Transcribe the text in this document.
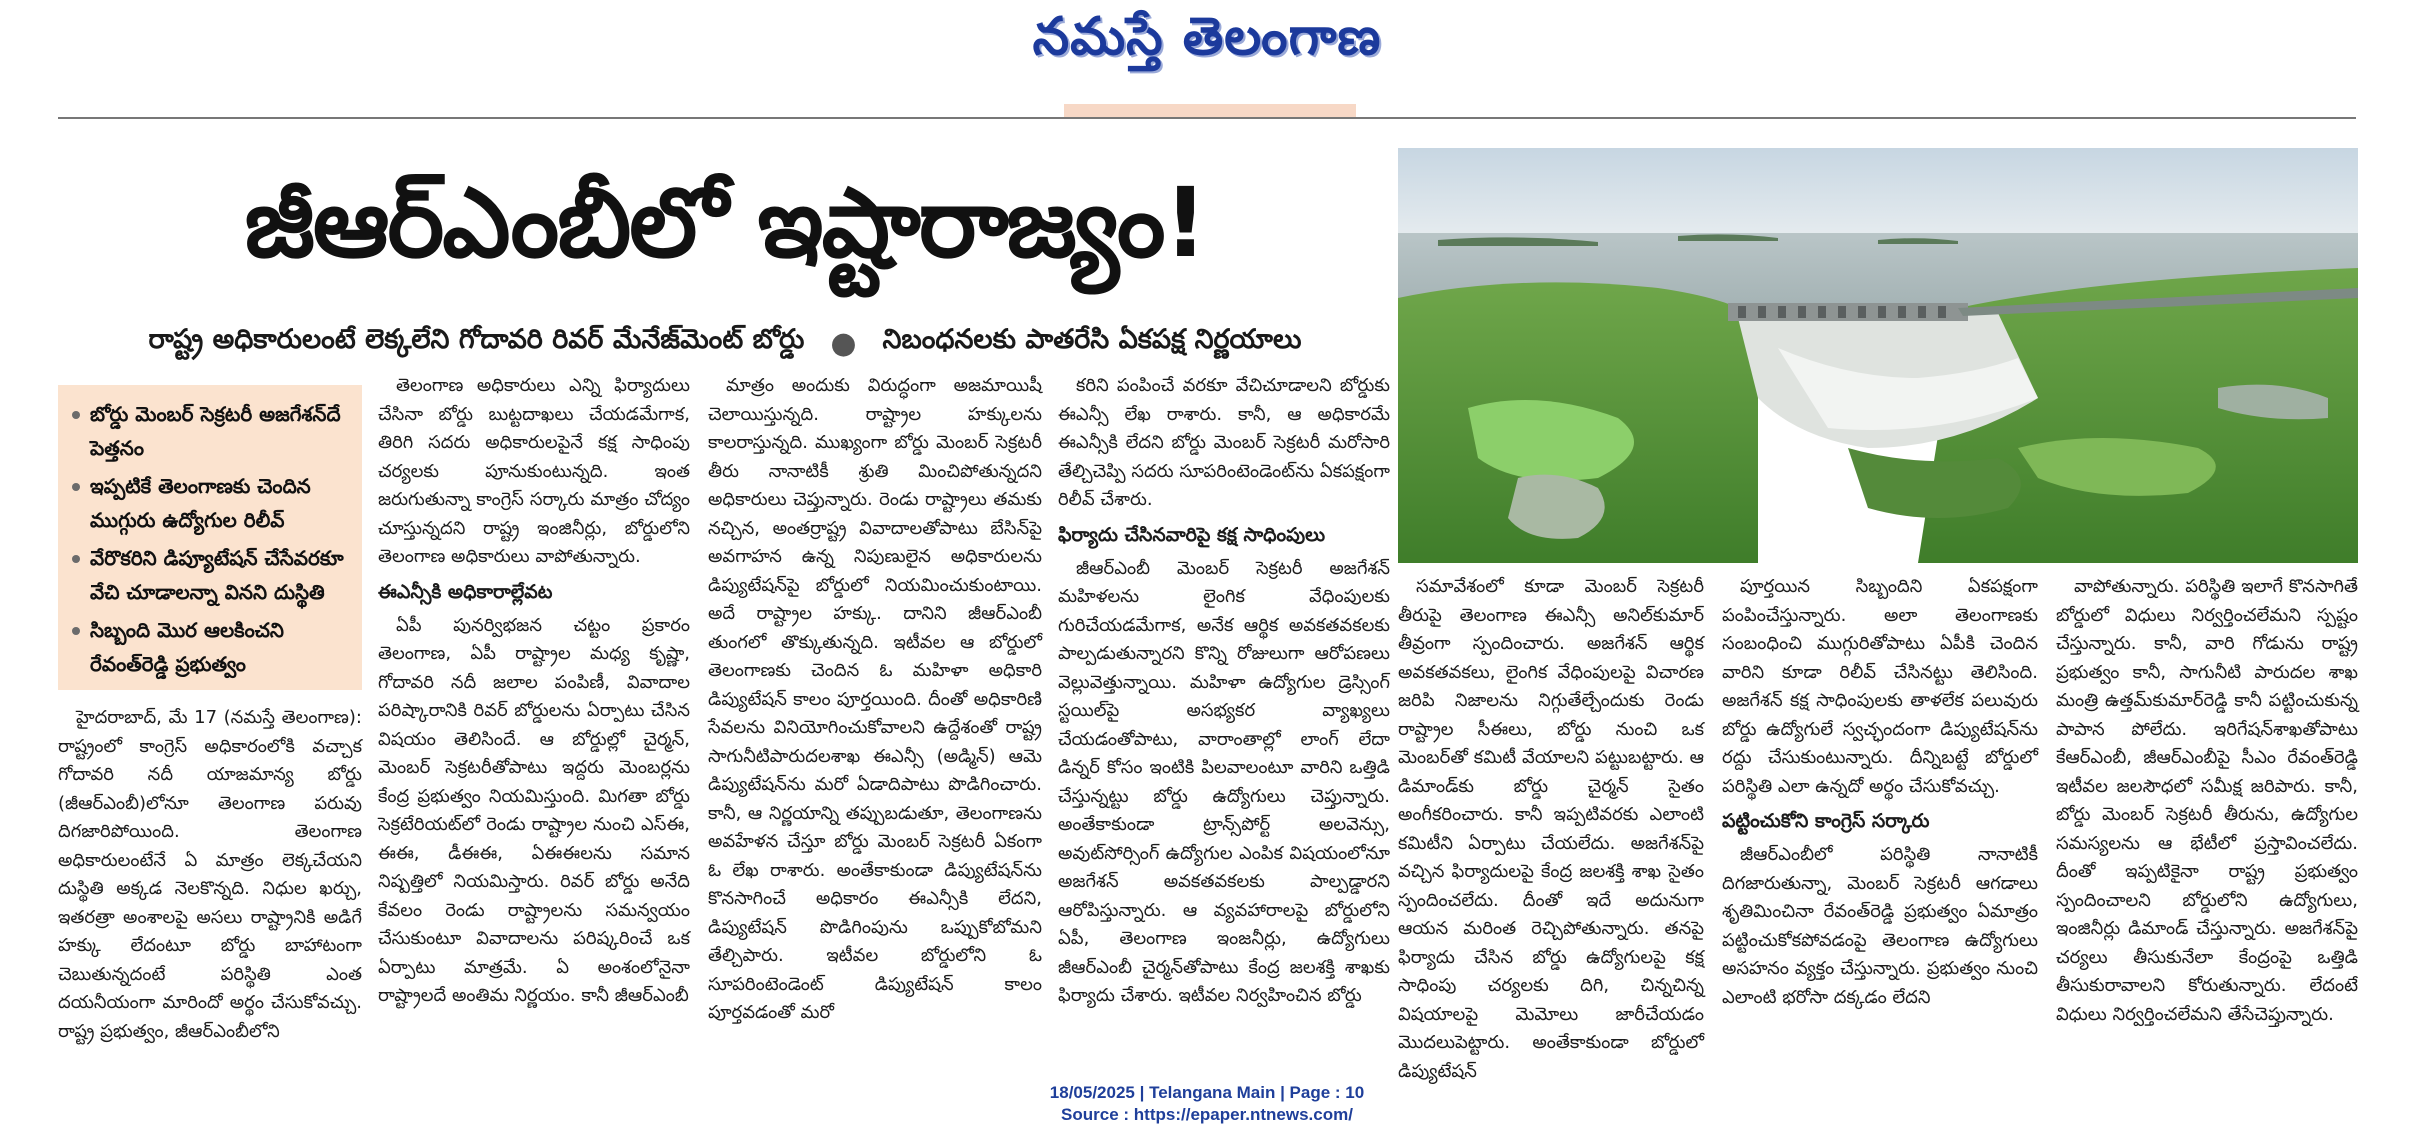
నమస్తే తెలంగాణ
జీఆర్ఎంబీలో ఇష్టారాజ్యం!
రాష్ట్ర అధికారులంటే లెక్కలేని గోదావరి రివర్ మేనేజ్‌మెంట్ బోర్డు ● నిబంధనలకు పాతరేసి ఏకపక్ష నిర్ణయాలు
బోర్డు మెంబర్ సెక్రటరీ అజగేశన్‌దే పెత్తనం
ఇప్పటికే తెలంగాణకు చెందిన ముగ్గురు ఉద్యోగుల రిలీవ్
వేరొకరిని డిప్యూటేషన్ చేసేవరకూ వేచి చూడాలన్నా వినని దుస్థితి
సిబ్బంది మొర ఆలకించని రేవంత్‌రెడ్డి ప్రభుత్వం

హైదరాబాద్, మే 17 (నమస్తే తెలంగాణ): రాష్ట్రంలో కాంగ్రెస్ అధికారంలోకి వచ్చాక గోదావరి నదీ యాజమాన్య బోర్డు (జీఆర్ఎంబీ)లోనూ తెలంగాణ పరువు దిగజారిపోయింది. తెలంగాణ అధికారులంటేనే ఏ మాత్రం లెక్కచేయని దుస్థితి అక్కడ నెలకొన్నది. నిధుల ఖర్చు, ఇతరత్రా అంశాలపై అసలు రాష్ట్రానికి అడిగే హక్కు లేదంటూ బోర్డు బాహాటంగా చెబుతున్నదంటే పరిస్థితి ఎంత దయనీయంగా మారిందో అర్థం చేసుకోవచ్చు. రాష్ట్ర ప్రభుత్వం, జీఆర్ఎంబీలోని

తెలంగాణ అధికారులు ఎన్ని ఫిర్యాదులు చేసినా బోర్డు బుట్టదాఖలు చేయడమేగాక, తిరిగి సదరు అధికారులపైనే కక్ష సాధింపు చర్యలకు పూనుకుంటున్నది. ఇంత జరుగుతున్నా కాంగ్రెస్ సర్కారు మాత్రం చోద్యం చూస్తున్నదని రాష్ట్ర ఇంజినీర్లు, బోర్డులోని తెలంగాణ అధికారులు వాపోతున్నారు.

ఈఎన్సీకి అధికారాల్లేవట

ఏపీ పునర్విభజన చట్టం ప్రకారం తెలంగాణ, ఏపీ రాష్ట్రాల మధ్య కృష్ణా, గోదావరి నదీ జలాల పంపిణీ, వివాదాల పరిష్కారానికి రివర్ బోర్డులను ఏర్పాటు చేసిన విషయం తెలిసిందే. ఆ బోర్డుల్లో చైర్మన్, మెంబర్ సెక్రటరీతోపాటు ఇద్దరు మెంబర్లను కేంద్ర ప్రభుత్వం నియమిస్తుంది. మిగతా బోర్డు సెక్రటేరియట్‌లో రెండు రాష్ట్రాల నుంచి ఎస్ఈ, ఈఈ, డీఈఈ, ఏఈఈలను సమాన నిష్పత్తిలో నియమిస్తారు. రివర్ బోర్డు అనేది కేవలం రెండు రాష్ట్రాలను సమన్వయం చేసుకుంటూ వివాదాలను పరిష్కరించే ఒక ఏర్పాటు మాత్రమే. ఏ అంశంలోనైనా రాష్ట్రాలదే అంతిమ నిర్ణయం. కానీ జీఆర్ఎంబీ

మాత్రం అందుకు విరుద్ధంగా అజమాయిషీ చెలాయిస్తున్నది. రాష్ట్రాల హక్కులను కాలరాస్తున్నది. ముఖ్యంగా బోర్డు మెంబర్ సెక్రటరీ తీరు నానాటికీ శ్రుతి మించిపోతున్నదని అధికారులు చెప్తున్నారు. రెండు రాష్ట్రాలు తమకు నచ్చిన, అంతర్రాష్ట్ర వివాదాలతోపాటు బేసిన్‌పై అవగాహన ఉన్న నిపుణులైన అధికారులను డిప్యుటేషన్‌పై బోర్డులో నియమించుకుంటాయి. అదే రాష్ట్రాల హక్కు. దానిని జీఆర్ఎంబీ తుంగలో తొక్కుతున్నది. ఇటీవల ఆ బోర్డులో తెలంగాణకు చెందిన ఓ మహిళా అధికారి డిప్యుటేషన్ కాలం పూర్తయింది. దీంతో అధికారిణి సేవలను వినియోగించుకోవాలని ఉద్దేశంతో రాష్ట్ర సాగునీటిపారుదలశాఖ ఈఎన్సీ (అడ్మిన్) ఆమె డిప్యుటేషన్‌ను మరో ఏడాదిపాటు పొడిగించారు. కానీ, ఆ నిర్ణయాన్ని తప్పుబడుతూ, తెలంగాణను అవహేళన చేస్తూ బోర్డు మెంబర్ సెక్రటరీ ఏకంగా ఓ లేఖ రాశారు. అంతేకాకుండా డిప్యుటేషన్‌ను కొనసాగించే అధికారం ఈఎన్సీకి లేదని, డిప్యుటేషన్ పొడిగింపును ఒప్పుకోబోమని తేల్చిపారు. ఇటీవల బోర్డులోని ఓ సూపరింటెండెంట్ డిప్యుటేషన్ కాలం పూర్తవడంతో మరో

కరిని పంపించే వరకూ వేచిచూడాలని బోర్డుకు ఈఎన్సీ లేఖ రాశారు. కానీ, ఆ అధికారమే ఈఎన్సీకి లేదని బోర్డు మెంబర్ సెక్రటరీ మరోసారి తేల్చిచెప్పి సదరు సూపరింటెండెంట్‌ను ఏకపక్షంగా రిలీవ్ చేశారు.

ఫిర్యాదు చేసినవారిపై కక్ష సాధింపులు

జీఆర్ఎంబీ మెంబర్ సెక్రటరీ అజగేశన్ మహిళలను లైంగిక వేధింపులకు గురిచేయడమేగాక, అనేక ఆర్థిక అవకతవకలకు పాల్పడుతున్నారని కొన్ని రోజులుగా ఆరోపణలు వెల్లువెత్తున్నాయి. మహిళా ఉద్యోగుల డ్రెస్సింగ్ స్టయిల్‌పై అసభ్యకర వ్యాఖ్యలు చేయడంతోపాటు, వారాంతాల్లో లాంగ్ లేదా డిన్నర్ కోసం ఇంటికి పిలవాలంటూ వారిని ఒత్తిడి చేస్తున్నట్టు బోర్డు ఉద్యోగులు చెప్తున్నారు. అంతేకాకుండా ట్రాన్స్‌పోర్ట్ అలవెన్సు, అవుట్‌సోర్సింగ్ ఉద్యోగుల ఎంపిక విషయంలోనూ అజగేశన్ అవకతవకలకు పాల్పడ్డారని ఆరోపిస్తున్నారు. ఆ వ్యవహారాలపై బోర్డులోని ఏపీ, తెలంగాణ ఇంజనీర్లు, ఉద్యోగులు జీఆర్ఎంబీ చైర్మన్‌తోపాటు కేంద్ర జలశక్తి శాఖకు ఫిర్యాదు చేశారు. ఇటీవల నిర్వహించిన బోర్డు

సమావేశంలో కూడా మెంబర్ సెక్రటరీ తీరుపై తెలంగాణ ఈఎన్సీ అనిల్‌కుమార్ తీవ్రంగా స్పందించారు. అజగేశన్ ఆర్థిక అవకతవకలు, లైంగిక వేధింపులపై విచారణ జరిపి నిజాలను నిగ్గుతేల్చేందుకు రెండు రాష్ట్రాల సీఈలు, బోర్డు నుంచి ఒక మెంబర్‌తో కమిటీ వేయాలని పట్టుబట్టారు. ఆ డిమాండ్‌కు బోర్డు చైర్మన్ సైతం అంగీకరించారు. కానీ ఇప్పటివరకు ఎలాంటి కమిటీని ఏర్పాటు చేయలేదు. అజగేశన్‌పై వచ్చిన ఫిర్యాదులపై కేంద్ర జలశక్తి శాఖ సైతం స్పందించలేదు. దీంతో ఇదే అదునుగా ఆయన మరింత రెచ్చిపోతున్నారు. తనపై ఫిర్యాదు చేసిన బోర్డు ఉద్యోగులపై కక్ష సాధింపు చర్యలకు దిగి, చిన్నచిన్న విషయాలపై మెమోలు జారీచేయడం మొదలుపెట్టారు. అంతేకాకుండా బోర్డులో డిప్యుటేషన్

పూర్తయిన సిబ్బందిని ఏకపక్షంగా పంపించేస్తున్నారు. అలా తెలంగాణకు సంబంధించి ముగ్గురితోపాటు ఏపీకి చెందిన వారిని కూడా రిలీవ్ చేసినట్టు తెలిసింది. అజగేశన్ కక్ష సాధింపులకు తాళలేక పలువురు బోర్డు ఉద్యోగులే స్వచ్ఛందంగా డిప్యుటేషన్‌ను రద్దు చేసుకుంటున్నారు. దీన్నిబట్టే బోర్డులో పరిస్థితి ఎలా ఉన్నదో అర్థం చేసుకోవచ్చు.

పట్టించుకోని కాంగ్రెస్ సర్కారు

జీఆర్ఎంబీలో పరిస్థితి నానాటికీ దిగజారుతున్నా, మెంబర్ సెక్రటరీ ఆగడాలు శృతిమించినా రేవంత్‌రెడ్డి ప్రభుత్వం ఏమాత్రం పట్టించుకోకపోవడంపై తెలంగాణ ఉద్యోగులు అసహనం వ్యక్తం చేస్తున్నారు. ప్రభుత్వం నుంచి ఎలాంటి భరోసా దక్కడం లేదని

వాపోతున్నారు. పరిస్థితి ఇలాగే కొనసాగితే బోర్డులో విధులు నిర్వర్తించలేమని స్పష్టం చేస్తున్నారు. కానీ, వారి గోడును రాష్ట్ర ప్రభుత్వం కానీ, సాగునీటి పారుదల శాఖ మంత్రి ఉత్తమ్‌కుమార్‌రెడ్డి కానీ పట్టించుకున్న పాపాన పోలేదు. ఇరిగేషన్‌శాఖతోపాటు కేఆర్ఎంబీ, జీఆర్ఎంబీపై సీఎం రేవంత్‌రెడ్డి ఇటీవల జలసౌధలో సమీక్ష జరిపారు. కానీ, బోర్డు మెంబర్ సెక్రటరీ తీరును, ఉద్యోగుల సమస్యలను ఆ భేటీలో ప్రస్తావించలేదు. దీంతో ఇప్పటికైనా రాష్ట్ర ప్రభుత్వం స్పందించాలని బోర్డులోని ఉద్యోగులు, ఇంజినీర్లు డిమాండ్ చేస్తున్నారు. అజగేశన్‌పై చర్యలు తీసుకునేలా కేంద్రంపై ఒత్తిడి తీసుకురావాలని కోరుతున్నారు. లేదంటే విధులు నిర్వర్తించలేమని తేసేచెప్తున్నారు.

18/05/2025 | Telangana Main | Page : 10
Source : https://epaper.ntnews.com/
